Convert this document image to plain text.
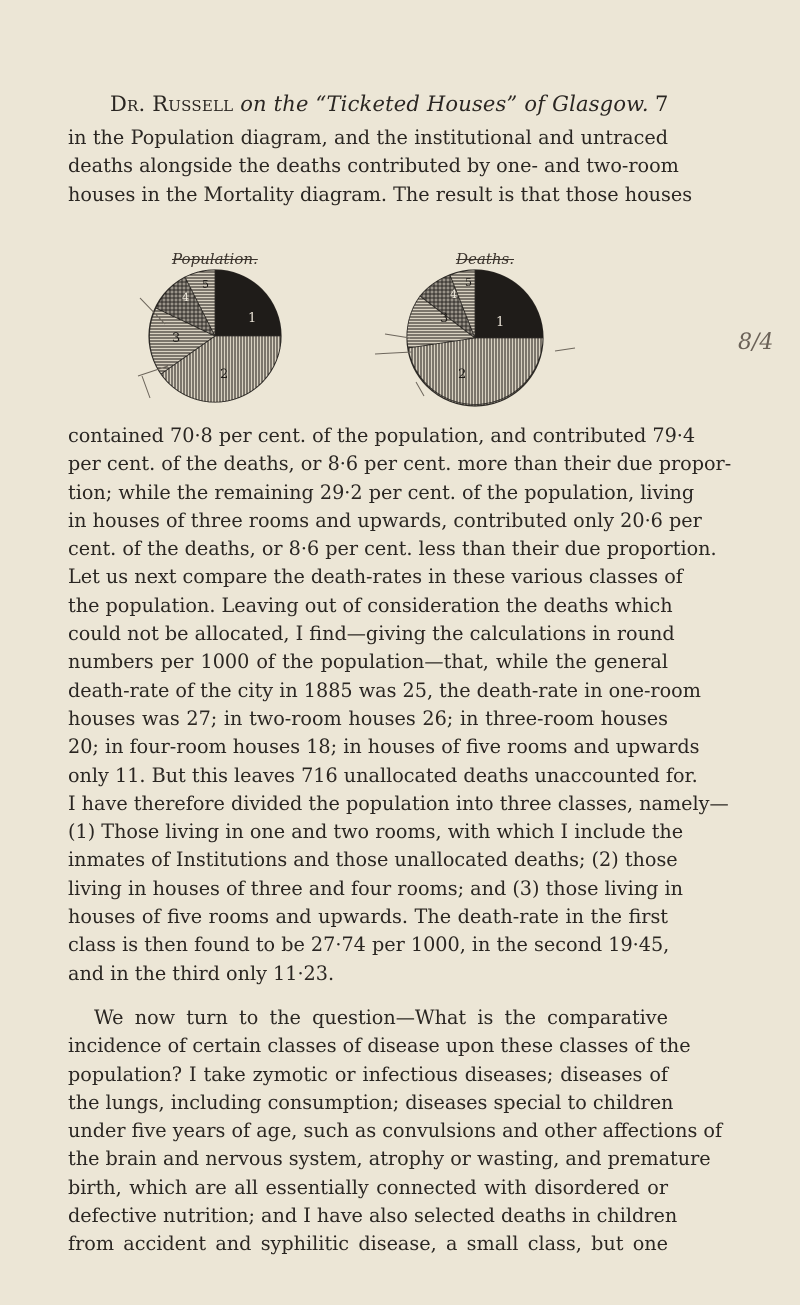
Dr. Russell on the “Ticketed Houses” of Glasgow. 7
in the Population diagram, and the institutional and untraced
deaths alongside the deaths contributed by one- and two-room
houses in the Mortality diagram. The result is that those houses
1
2
3
4
5
1
2
3
4
5
Population.	Deaths.
8/4
contained 70·8 per cent. of the population, and contributed 79·4
per cent. of the deaths, or 8·6 per cent. more than their due propor-
tion; while the remaining 29·2 per cent. of the population, living
in houses of three rooms and upwards, contributed only 20·6 per
cent. of the deaths, or 8·6 per cent. less than their due proportion.
Let us next compare the death-rates in these various classes of
the population. Leaving out of consideration the deaths which
could not be allocated, I find—giving the calculations in round
numbers per 1000 of the population—that, while the general
death-rate of the city in 1885 was 25, the death-rate in one-room
houses was 27; in two-room houses 26; in three-room houses
20; in four-room houses 18; in houses of five rooms and upwards
only 11. But this leaves 716 unallocated deaths unaccounted for.
I have therefore divided the population into three classes, namely—
(1) Those living in one and two rooms, with which I include the
inmates of Institutions and those unallocated deaths; (2) those
living in houses of three and four rooms; and (3) those living in
houses of five rooms and upwards. The death-rate in the first
class is then found to be 27·74 per 1000, in the second 19·45,
and in the third only 11·23.
We now turn to the question—What is the comparative
incidence of certain classes of disease upon these classes of the
population? I take zymotic or infectious diseases; diseases of
the lungs, including consumption; diseases special to children
under five years of age, such as convulsions and other affections of
the brain and nervous system, atrophy or wasting, and premature
birth, which are all essentially connected with disordered or
defective nutrition; and I have also selected deaths in children
from accident and syphilitic disease, a small class, but one
